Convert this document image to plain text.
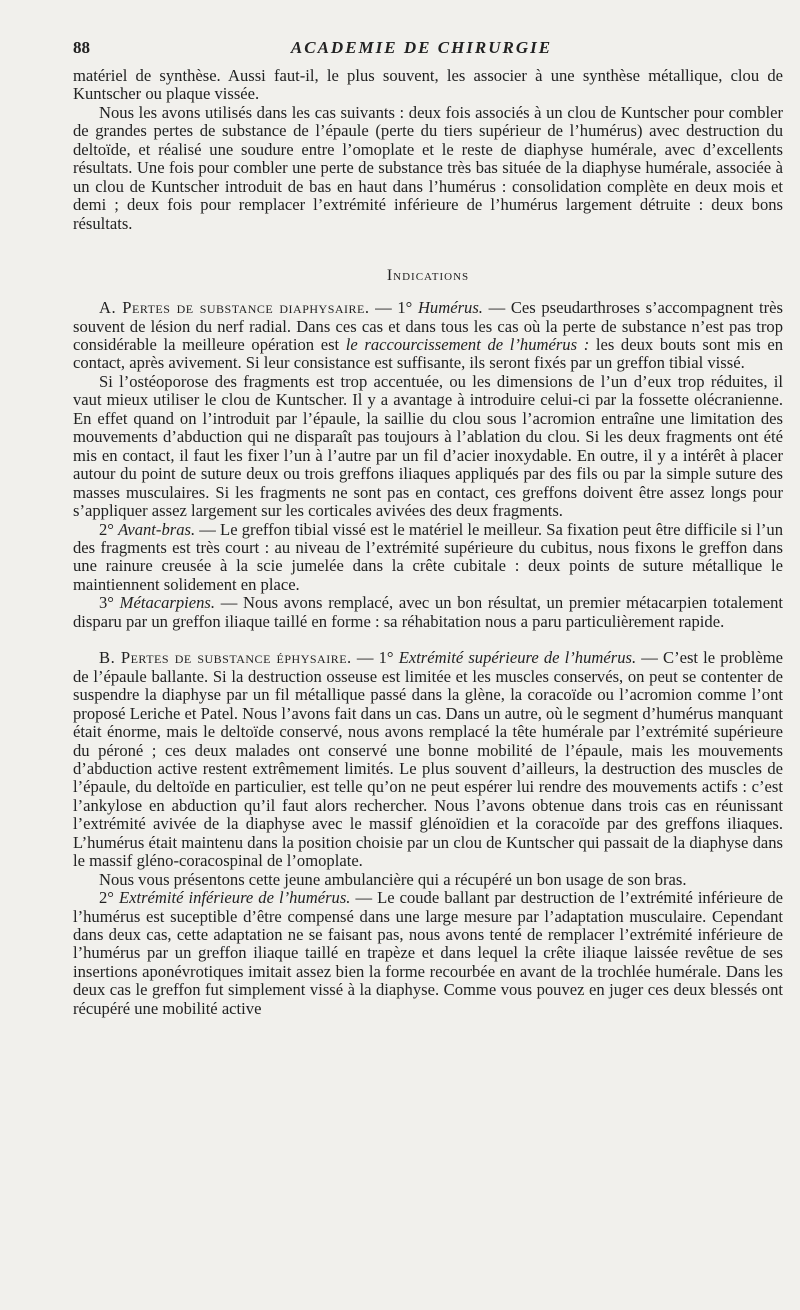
88	ACADEMIE DE CHIRURGIE

matériel de synthèse. Aussi faut-il, le plus souvent, les associer à une synthèse métallique, clou de Kuntscher ou plaque vissée.

Nous les avons utilisés dans les cas suivants : deux fois associés à un clou de Kuntscher pour combler de grandes pertes de substance de l’épaule (perte du tiers supérieur de l’humérus) avec destruction du deltoïde, et réalisé une soudure entre l’omoplate et le reste de diaphyse humérale, avec d’excellents résultats. Une fois pour combler une perte de substance très bas située de la diaphyse humérale, associée à un clou de Kuntscher introduit de bas en haut dans l’humérus : consolidation complète en deux mois et demi ; deux fois pour remplacer l’extrémité inférieure de l’humérus largement détruite : deux bons résultats.

Indications

A. Pertes de substance diaphysaire. — 1° Humérus. — Ces pseudarthroses s’accompagnent très souvent de lésion du nerf radial. Dans ces cas et dans tous les cas où la perte de substance n’est pas trop considérable la meilleure opération est le raccourcissement de l’humérus : les deux bouts sont mis en contact, après avivement. Si leur consistance est suffisante, ils seront fixés par un greffon tibial vissé.

Si l’ostéoporose des fragments est trop accentuée, ou les dimensions de l’un d’eux trop réduites, il vaut mieux utiliser le clou de Kuntscher. Il y a avantage à introduire celui-ci par la fossette olécranienne. En effet quand on l’introduit par l’épaule, la saillie du clou sous l’acromion entraîne une limitation des mouvements d’abduction qui ne disparaît pas toujours à l’ablation du clou. Si les deux fragments ont été mis en contact, il faut les fixer l’un à l’autre par un fil d’acier inoxydable. En outre, il y a intérêt à placer autour du point de suture deux ou trois greffons iliaques appliqués par des fils ou par la simple suture des masses musculaires. Si les fragments ne sont pas en contact, ces greffons doivent être assez longs pour s’appliquer assez largement sur les corticales avivées des deux fragments.

2° Avant-bras. — Le greffon tibial vissé est le matériel le meilleur. Sa fixation peut être difficile si l’un des fragments est très court : au niveau de l’extrémité supérieure du cubitus, nous fixons le greffon dans une rainure creusée à la scie jumelée dans la crête cubitale : deux points de suture métallique le maintiennent solidement en place.

3° Métacarpiens. — Nous avons remplacé, avec un bon résultat, un premier métacarpien totalement disparu par un greffon iliaque taillé en forme : sa réhabitation nous a paru particulièrement rapide.

B. Pertes de substance éphysaire. — 1° Extrémité supérieure de l’humérus. — C’est le problème de l’épaule ballante. Si la destruction osseuse est limitée et les muscles conservés, on peut se contenter de suspendre la diaphyse par un fil métallique passé dans la glène, la coracoïde ou l’acromion comme l’ont proposé Leriche et Patel. Nous l’avons fait dans un cas. Dans un autre, où le segment d’humérus manquant était énorme, mais le deltoïde conservé, nous avons remplacé la tête humérale par l’extrémité supérieure du péroné ; ces deux malades ont conservé une bonne mobilité de l’épaule, mais les mouvements d’abduction active restent extrêmement limités. Le plus souvent d’ailleurs, la destruction des muscles de l’épaule, du deltoïde en particulier, est telle qu’on ne peut espérer lui rendre des mouvements actifs : c’est l’ankylose en abduction qu’il faut alors rechercher. Nous l’avons obtenue dans trois cas en réunissant l’extrémité avivée de la diaphyse avec le massif glénoïdien et la coracoïde par des greffons iliaques. L’humérus était maintenu dans la position choisie par un clou de Kuntscher qui passait de la diaphyse dans le massif gléno-coracospinal de l’omoplate.

Nous vous présentons cette jeune ambulancière qui a récupéré un bon usage de son bras.

2° Extrémité inférieure de l’humérus. — Le coude ballant par destruction de l’extrémité inférieure de l’humérus est suceptible d’être compensé dans une large mesure par l’adaptation musculaire. Cependant dans deux cas, cette adaptation ne se faisant pas, nous avons tenté de remplacer l’extrémité inférieure de l’humérus par un greffon iliaque taillé en trapèze et dans lequel la crête iliaque laissée revêtue de ses insertions aponévrotiques imitait assez bien la forme recourbée en avant de la trochlée humérale. Dans les deux cas le greffon fut simplement vissé à la diaphyse. Comme vous pouvez en juger ces deux blessés ont récupéré une mobilité active
